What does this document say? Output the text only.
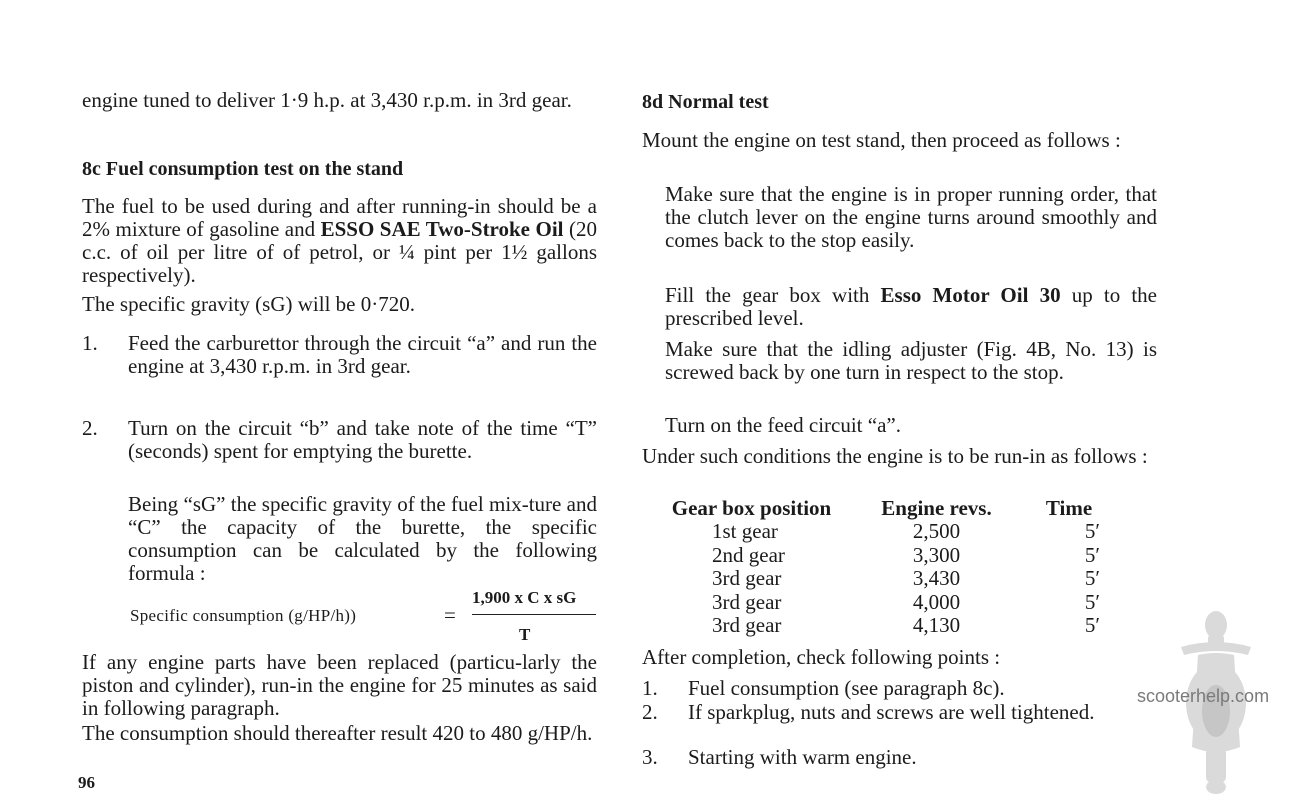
engine tuned to deliver 1·9 h.p. at 3,430 r.p.m. in 3rd gear.

8c Fuel consumption test on the stand

The fuel to be used during and after running-in should be a 2% mixture of gasoline and ESSO SAE Two-Stroke Oil (20 c.c. of oil per litre of of petrol, or ¼ pint per 1½ gallons respectively).

The specific gravity (sG) will be 0·720.

1. Feed the carburettor through the circuit “a” and run the engine at 3,430 r.p.m. in 3rd gear.

2. Turn on the circuit “b” and take note of the time “T” (seconds) spent for emptying the burette.

Being “sG” the specific gravity of the fuel mix-ture and “C” the capacity of the burette, the specific consumption can be calculated by the following formula :

Specific consumption (g/HP/h))	=
1,900 x C x sG
T

If any engine parts have been replaced (particu-larly the piston and cylinder), run-in the engine for 25 minutes as said in following paragraph.

The consumption should thereafter result 420 to 480 g/HP/h.

96
8d Normal test

Mount the engine on test stand, then proceed as follows :

Make sure that the engine is in proper running order, that the clutch lever on the engine turns around smoothly and comes back to the stop easily.

Fill the gear box with Esso Motor Oil 30 up to the prescribed level.

Make sure that the idling adjuster (Fig. 4B, No. 13) is screwed back by one turn in respect to the stop.

Turn on the feed circuit “a”.

Under such conditions the engine is to be run-in as follows :

Gear box position	Engine revs.	Time
1st gear	2,500	5′
2nd gear	3,300	5′
3rd gear	3,430	5′
3rd gear	4,000	5′
3rd gear	4,130	5′

After completion, check following points :

1. Fuel consumption (see paragraph 8c).

2. If sparkplug, nuts and screws are well tightened.

3. Starting with warm engine.

scooterhelp.com
